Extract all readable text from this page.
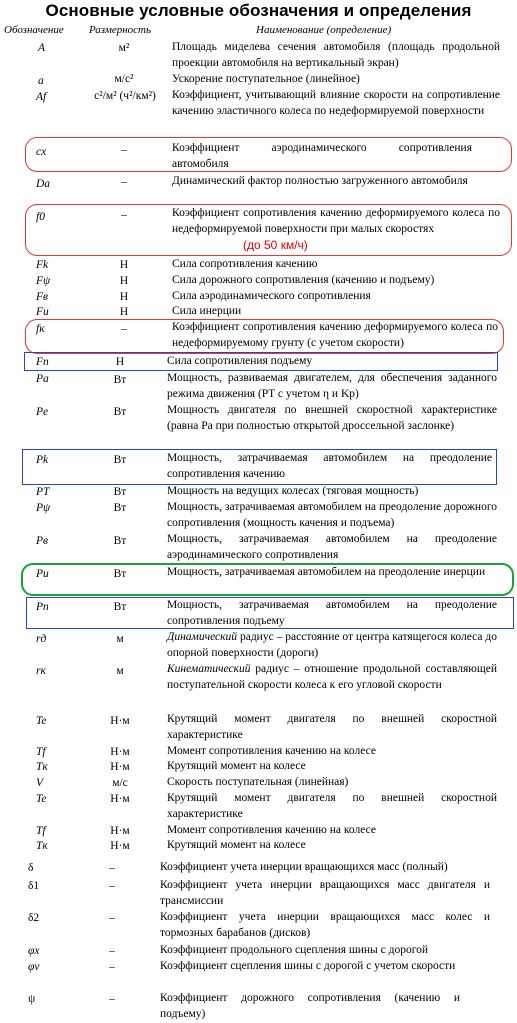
Основные условные обозначения и определения
Обозначение Размерность	Наименование (определение)
A	м²	Площадь миделева сечения автомобиля (площадь продольной проекции автомобиля на вертикальный экран)
a	м/с²	Ускорение поступательное (линейное)
Af	с²/м² (ч²/км²)	Коэффициент, учитывающий влияние скорости на сопротивление качению эластичного колеса по недеформируемой поверхности
cx	–	Коэффициент аэродинамического сопротивления автомобиля
Da	–	Динамический фактор полностью загруженного автомобиля
f0	–	Коэффициент сопротивления качению деформируемого колеса по недеформируемой поверхности при малых скоростях
(до 50 км/ч)
Fk	Н	Сила сопротивления качению
Fψ	Н	Сила дорожного сопротивления (качению и подъему)
Fв	Н	Сила аэродинамического сопротивления
Fи	Н	Сила инерции
fк	–	Коэффициент сопротивления качению деформируемого колеса по недеформируемому грунту (с учетом скорости)
Fп	Н	Сила сопротивления подъему
Pa	Вт	Мощность, развиваемая двигателем, для обеспечения заданного режима движения (PT с учетом η и Kp)
Pe	Вт	Мощность двигателя по внешней скоростной характеристике (равна Pa при полностью открытой дроссельной заслонке)
Pk	Вт	Мощность, затрачиваемая автомобилем на преодоление сопротивления качению
PT	Вт	Мощность на ведущих колесах (тяговая мощность)
Pψ	Вт	Мощность, затрачиваемая автомобилем на преодоление дорожного сопротивления (мощность качения и подъема)
Pв	Вт	Мощность, затрачиваемая автомобилем на преодоление аэродинамического сопротивления
Pu	Вт	Мощность, затрачиваемая автомобилем на преодоление инерции
Pп	Вт	Мощность, затрачиваемая автомобилем на преодоление сопротивления подъему
rд	м	Динамический радиус – расстояние от центра катящегося колеса до опорной поверхности (дороги)
rк	м	Кинематический радиус – отношение продольной составляющей поступательной скорости колеса к его угловой скорости
Te	Н·м	Крутящий момент двигателя по внешней скоростной характеристике
Tf	Н·м	Момент сопротивления качению на колесе
Tк	Н·м	Крутящий момент на колесе
V	м/с	Скорость поступательная (линейная)
Te	Н·м	Крутящий момент двигателя по внешней скоростной характеристике
Tf	Н·м	Момент сопротивления качению на колесе
Tк	Н·м	Крутящий момент на колесе
δ	–	Коэффициент учета инерции вращающихся масс (полный)
δ1	–	Коэффициент учета инерции вращающихся масс двигателя и трансмиссии
δ2	–	Коэффициент учета инерции вращающихся масс колес и тормозных барабанов (дисков)
φx	–	Коэффициент продольного сцепления шины с дорогой
φv	–	Коэффициент сцепления шины с дорогой с учетом скорости
ψ	–	Коэффициент дорожного сопротивления (качению и подъему)
